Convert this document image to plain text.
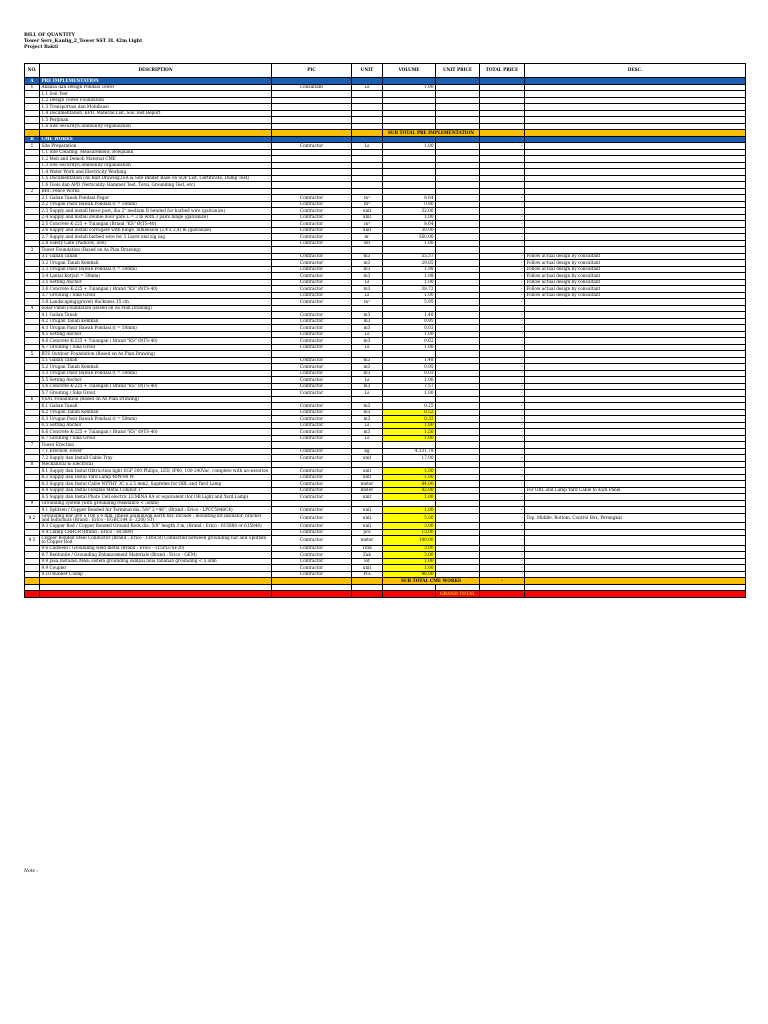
BILL OF QUANTITY
Tower Serv_Kanlig_2_Tower SST 3L 42m Light
Project Bakti
NO.	DESCRIPTION	PIC	UNIT	VOLUME	UNIT PRICE	TOTAL PRICE	DESC.
A	PRE IMPLEMENTATION						
1	Analisa dan Design Pondasi Tower	Consultant	Ls	1.00		-	
	1.1 Soil Test						
	1.2 Design Tower Foundation						
	1.3 Transportasi dan Mobilisasi						
	1.4 Documentation, KPD, Material List, Soil Test Report						
	1.5 Perijinan						
	1.6 Site Security/Community organization						
				SUB TOTAL PRE IMPLEMENTATION			
B	CME WORKS						
1	Site Preparation	Contractor	Ls	1.00		-	
	1.1 Site Clearing, Measurement, Bowplank						
	1.2 Mob and Demob Material CME						
	1.3 Site Security/Community organization						
	1.4 Water Work and Electricity Working						
	1.5 Documentation (As Buit Drawing,ISA & Site Binder Base on SOP List, Certificate, Dump Test)						
	1.6 Tools dan APD (Verticality, Hammer Test, Torsi, Grounding Test, etc)						
2	BRC Fence Works						
	2.1 Galian Tanah Pondasi Pagar	Contractor	m³	8.64		-	
	2.2 Urugan Pasir Bawah Pondasi (t = 50mm)	Contractor	m³	0.86		-	
	2.3 Supply and install fence post, dia 2" medium B bended for barbed wire (galvanize)	Contractor	unit	32.00		-	
	2.4 Supply and install double door gate L = 3 m with 3 pairs hinge (galvanize)	Contractor	unit	1.00		-	
	2.5 Concrete K-225 + Tulangan (Brand "KS" Ø(TS-40)	Contractor	m³	8.64		-	
	2.6 Supply and install corrugate with hinge, dimension (2,4 x 2,4) m (galvanize)	Contractor	unit	30.00		-	
	2.7 Supply and install barbed wire for 5 Layer and zig zag	Contractor	m'	560.00		-	
	2.8 Safety Gate (Padlock, Slot)	Contractor	set	1.00		-	
3	Tower Foundation (Based on As Plan Drawing)						
	3.1 Galian Tanah	Contractor	m3	55.57		-	Follow actual design by consultant
	3.2 Urugan Tanah Kembali	Contractor	m3	29.85		-	Follow actual design by consultant
	3.3 Urugan Pasir Bawah Pondasi (t = 50mm)	Contractor	m3	1.98		-	Follow actual design by consultant
	3.4 Lantai Kerja(t = 50mm)	Contractor	m3	1.98		-	Follow actual design by consultant
	3.5 Setting Anchor	Contractor	Ls	1.00		-	Follow actual design by consultant
	3.6 Concrete K-225 + Tulangan ( Brand "KS" Ø(TS-40)	Contractor	m3	38.72		-	Follow actual design by consultant
	3.7 Grouting / Sika Grout	Contractor	Ls	1.00		-	Follow actual design by consultant
	3.8 Landscaping(gravel) thickness 15 cm	Contractor	m²	5.95		-	
4	Solar Panel Foundation (Based on As Plan Drawing)						
	4.1 Galian Tanah	Contractor	m3	1.48		-	
	4.2 Urugan Tanah Kembali	Contractor	m3	0.95		-	
	4.3 Urugan Pasir Bawah Pondasi (t = 50mm)	Contractor	m3	0.03		-	
	4.5 Setting Anchor	Contractor	Ls	1.00		-	
	4.6 Concrete K-225 + Tulangan ( Brand "KS" Ø(TS-40)	Contractor	m3	0.62		-	
	4.7 Grouting / Sika Grout	Contractor	Ls	1.00		-	
5	BTS Outdoor Foundation (Based on As Plan Drawing)						
	5.1 Galian Tanah	Contractor	m3	1.48		-	
	5.2 Urugan Tanah Kembali	Contractor	m3	0.95		-	
	5.3 Urugan Pasir Bawah Pondasi (t = 50mm)	Contractor	m3	0.03		-	
	5.5 Setting Anchor	Contractor	Ls	1.00		-	
	5.6 Concrete K-225 + Tulangan ( Brand "KS" Ø(TS-40)	Contractor	m3	7.57		-	
	5.7 Grouting / Sika Grout	Contractor	Ls	1.00		-	
6	VSAT Foundation (Based on As Plan Drawing)						
	6.1 Galian Tanah	Contractor	m3	0.25		-	
	6.2 Urugan Tanah Kembali	Contractor	m3	0.52		-	
	6.3 Urugan Pasir Bawah Pondasi (t = 50mm)	Contractor	m3	0.32		-	
	6.5 Setting Anchor	Contractor	Ls	1.00		-	
	6.6 Concrete K-225 + Tulangan ( Brand "KS" Ø(TS-40)	Contractor	m3	1.50		-	
	6.7 Grouting / Sika Grout	Contractor	Ls	1.00		-	
7	Tower Erection						
	7.1 Erection Tower	Contractor	kg	4,231.78		-	
	7.2 Supply dan Install Cable Tray	Contractor	unit	17.00		-	
8	Mechanical & Electrical						
	8.1 Supply dan Instal Obtruction light EGP 300 Philips, LED, IP66, 100-240Vac, complete with accessories	Contractor	unit	1.00		-	
	8.2 Supply dan Instal Yard Lamp 40W-80 W	Contractor	unit	1.00		-	
	8.3 Supply dan Instal Cable NYYHY 3C x 2.5 mm2, Supreme for OBL and Yard Lamp	Contractor	meter	84.00		-	
	8.4 Supply dan Instal Flexible Metal Conduit 1"	Contractor	meter	42.00		-	For OBL and Lamp Yard Cable to Kwh Panel
	8.5 Supply dan Instal Photo Cell electric LUMINA 6A or equivalent (for OB Light and Yard Lamp)	Contractor	unit	1.00		-	
9	Grounding system (with grounding resistance < 5ohm)						
	9.1 Splitzen / Copper Bonded Air Terminal dia. 5/8" L=48", (Brand : Erico - LPCC5848C4)	Contractor	unit	1.00		-	
9.2	Grounding Bar 300 x 100 x 6 mm, tinned aluminium earth bar, include : mounting kit insulator, bracket and bolts/nuts (Brand : Erico - EGBC144 E- 2200 ST)	Contractor	unit	5.00		-	Top, Middle, Bottom, Control Box, Perangkat
	9.3 Copper Rod / Copper Bonded Ground Rods dia. 5/8" length 3 m, (Brand : Erico - 615880 or 615840)	Contractor	unit	3.00		-	
	9.4 Clamp CRHCR (Brand : Erico - HCR89)	Contractor	pcs	15.00		-	
9.5	Copper Bonded Steel Conductor (Brand : Erico - CBSCR) Connected between grounding bar and Splitzen to Copper Rod	Contractor	meter	100.00		-	
	9.6 Cadweld / Grounding weld metal (Brand : Erico - 115PLUSF20)	Contractor	Titik	3.00		-	
	9.7 Bentonite / Grounding Enhancement Materials (Brand : Erico - GEM)	Contractor	Zak	3.00		-	
	9.8 Jasa Instalasi M&E sistem grounding sampai nilai tahanan grounding < 5 ohm	Contractor	lot	1.00		-	
	9.9 Coupler	Contractor	unit	1.00		-	
	9.10 Rubber Clamp	Contractor	Pcs	46.00		-	
				SUB TOTAL CME WORKS		-	

					GRAND TOTAL		
Note :
